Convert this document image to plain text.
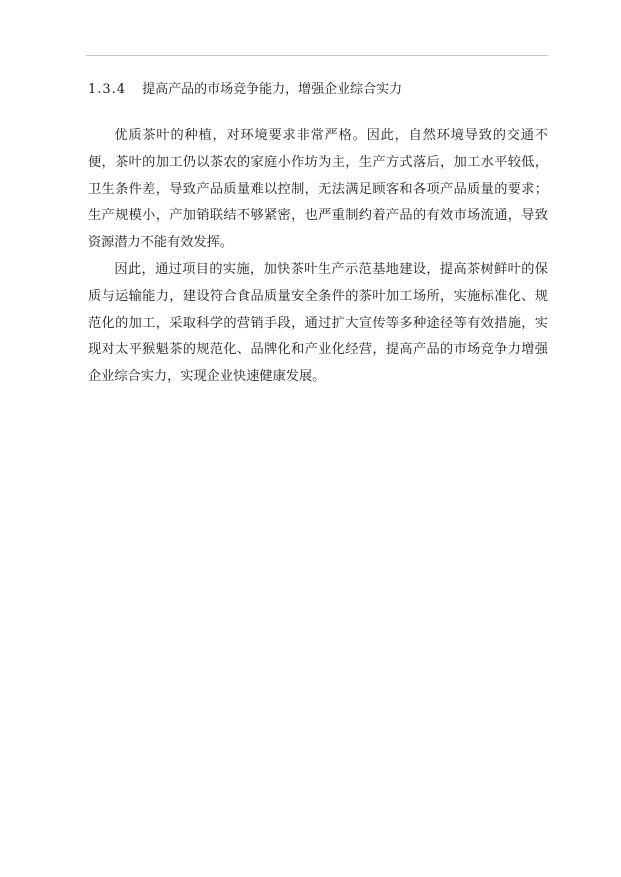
1.3.4 提高产品的市场竞争能力，增强企业综合实力

优质茶叶的种植，对环境要求非常严格。因此，自然环境导致的交通不便，茶叶的加工仍以茶农的家庭小作坊为主，生产方式落后，加工水平较低，卫生条件差，导致产品质量难以控制，无法满足顾客和各项产品质量的要求；生产规模小，产加销联结不够紧密，也严重制约着产品的有效市场流通，导致资源潜力不能有效发挥。

因此，通过项目的实施，加快茶叶生产示范基地建设，提高茶树鲜叶的保质与运输能力，建设符合食品质量安全条件的茶叶加工场所，实施标准化、规范化的加工，采取科学的营销手段，通过扩大宣传等多种途径等有效措施，实现对太平猴魁茶的规范化、品牌化和产业化经营，提高产品的市场竞争力增强企业综合实力，实现企业快速健康发展。
